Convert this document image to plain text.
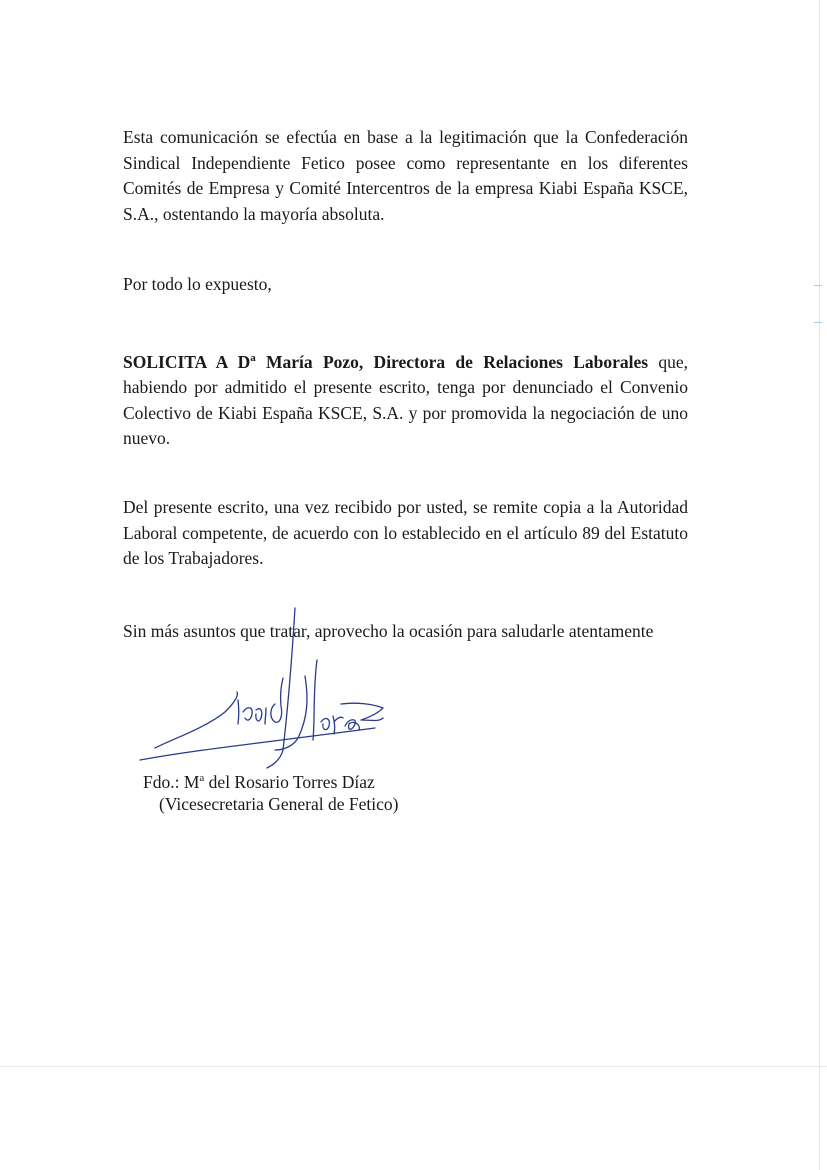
Esta comunicación se efectúa en base a la legitimación que la Confederación Sindical Independiente Fetico posee como representante en los diferentes Comités de Empresa y Comité Intercentros de la empresa Kiabi España KSCE, S.A., ostentando la mayoría absoluta.

Por todo lo expuesto,

SOLICITA A $D^a$ María Pozo, Directora de Relaciones Laborales que, habiendo por admitido el presente escrito, tenga por denunciado el Convenio Colectivo de Kiabi España KSCE, S.A. y por promovida la negociación de uno nuevo.

Del presente escrito, una vez recibido por usted, se remite copia a la Autoridad Laboral competente, de acuerdo con lo establecido en el artículo 89 del Estatuto de los Trabajadores.

Sin más asuntos que tratar, aprovecho la ocasión para saludarle atentamente

Fdo.: $M^a$ del Rosario Torres Díaz
(Vicesecretaria General de Fetico)
